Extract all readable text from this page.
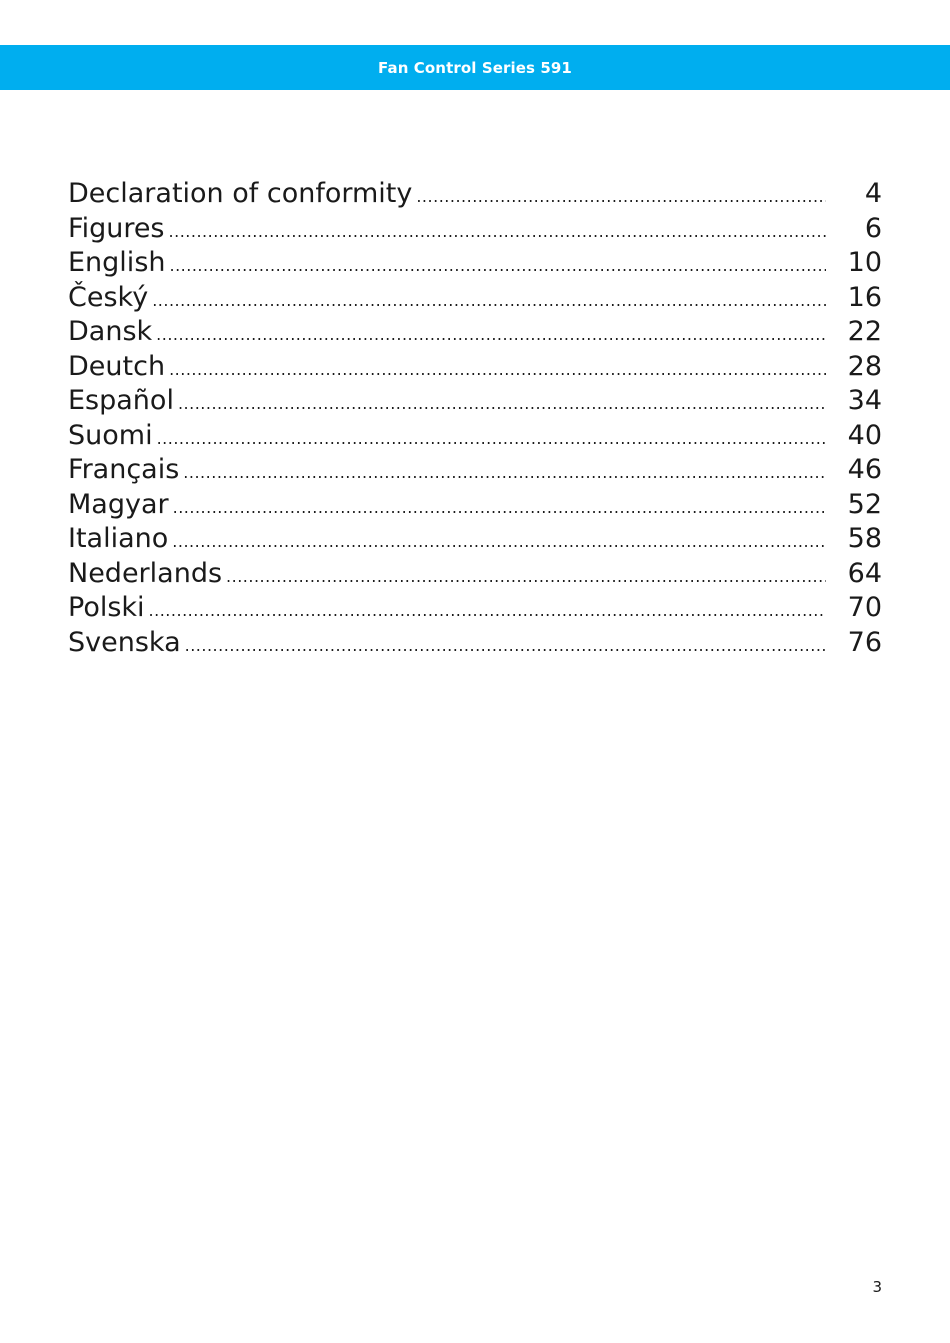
Fan Control Series 591
Declaration of conformity .....	4
Figures .....	6
English .....	10
Český .....	16
Dansk .....	22
Deutch .....	28
Español .....	34
Suomi .....	40
Français .....	46
Magyar .....	52
Italiano .....	58
Nederlands .....	64
Polski .....	70
Svenska .....	76
3
